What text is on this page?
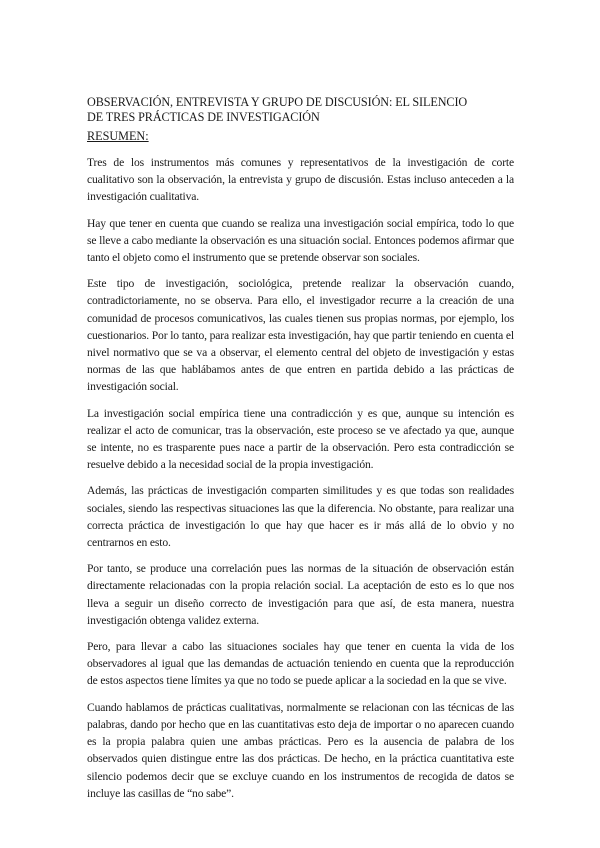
OBSERVACIÓN, ENTREVISTA Y GRUPO DE DISCUSIÓN: EL SILENCIO
DE TRES PRÁCTICAS DE INVESTIGACIÓN
RESUMEN:

Tres de los instrumentos más comunes y representativos de la investigación de corte cualitativo son la observación, la entrevista y grupo de discusión. Estas incluso anteceden a la investigación cualitativa.

Hay que tener en cuenta que cuando se realiza una investigación social empírica, todo lo que se lleve a cabo mediante la observación es una situación social. Entonces podemos afirmar que tanto el objeto como el instrumento que se pretende observar son sociales.

Este tipo de investigación, sociológica, pretende realizar la observación cuando, contradictoriamente, no se observa. Para ello, el investigador recurre a la creación de una comunidad de procesos comunicativos, las cuales tienen sus propias normas, por ejemplo, los cuestionarios. Por lo tanto, para realizar esta investigación, hay que partir teniendo en cuenta el nivel normativo que se va a observar, el elemento central del objeto de investigación y estas normas de las que hablábamos antes de que entren en partida debido a las prácticas de investigación social.

La investigación social empírica tiene una contradicción y es que, aunque su intención es realizar el acto de comunicar, tras la observación, este proceso se ve afectado ya que, aunque se intente, no es trasparente pues nace a partir de la observación. Pero esta contradicción se resuelve debido a la necesidad social de la propia investigación.

Además, las prácticas de investigación comparten similitudes y es que todas son realidades sociales, siendo las respectivas situaciones las que la diferencia. No obstante, para realizar una correcta práctica de investigación lo que hay que hacer es ir más allá de lo obvio y no centrarnos en esto.

Por tanto, se produce una correlación pues las normas de la situación de observación están directamente relacionadas con la propia relación social. La aceptación de esto es lo que nos lleva a seguir un diseño correcto de investigación para que así, de esta manera, nuestra investigación obtenga validez externa.

Pero, para llevar a cabo las situaciones sociales hay que tener en cuenta la vida de los observadores al igual que las demandas de actuación teniendo en cuenta que la reproducción de estos aspectos tiene límites ya que no todo se puede aplicar a la sociedad en la que se vive.

Cuando hablamos de prácticas cualitativas, normalmente se relacionan con las técnicas de las palabras, dando por hecho que en las cuantitativas esto deja de importar o no aparecen cuando es la propia palabra quien une ambas prácticas. Pero es la ausencia de palabra de los observados quien distingue entre las dos prácticas. De hecho, en la práctica cuantitativa este silencio podemos decir que se excluye cuando en los instrumentos de recogida de datos se incluye las casillas de “no sabe”.
